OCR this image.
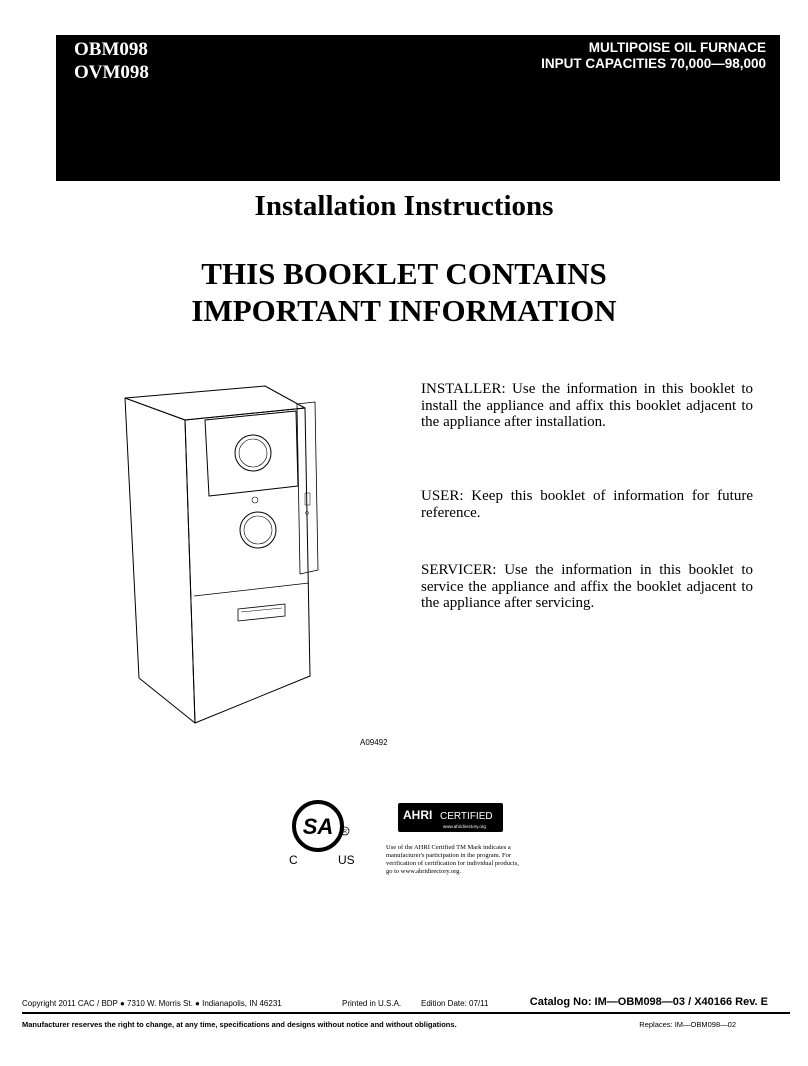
OBM098
OVM098
MULTIPOISE OIL FURNACE
INPUT CAPACITIES 70,000—98,000
Installation Instructions
THIS BOOKLET CONTAINS
IMPORTANT INFORMATION
A09492
INSTALLER: Use the information in this booklet to install the appliance and affix this booklet adjacent to the appliance after installation.
USER: Keep this booklet of information for future reference.
SERVICER: Use the information in this booklet to service the appliance and affix the booklet adjacent to the appliance after servicing.
SA R
C	US
AHRI CERTIFIED
www.ahridirectory.org
Use of the AHRI Certified TM Mark indicates a manufacturer's participation in the program. For verification of certification for individual products, go to www.ahridirectory.org.
Copyright 2011 CAC / BDP ● 7310 W. Morris St. ● Indianapolis, IN 46231	Printed in U.S.A. Edition Date: 07/11	Catalog No: IM—OBM098—03 / X40166 Rev. E
Manufacturer reserves the right to change, at any time, specifications and designs without notice and without obligations.	Replaces: IM—OBM098—02
